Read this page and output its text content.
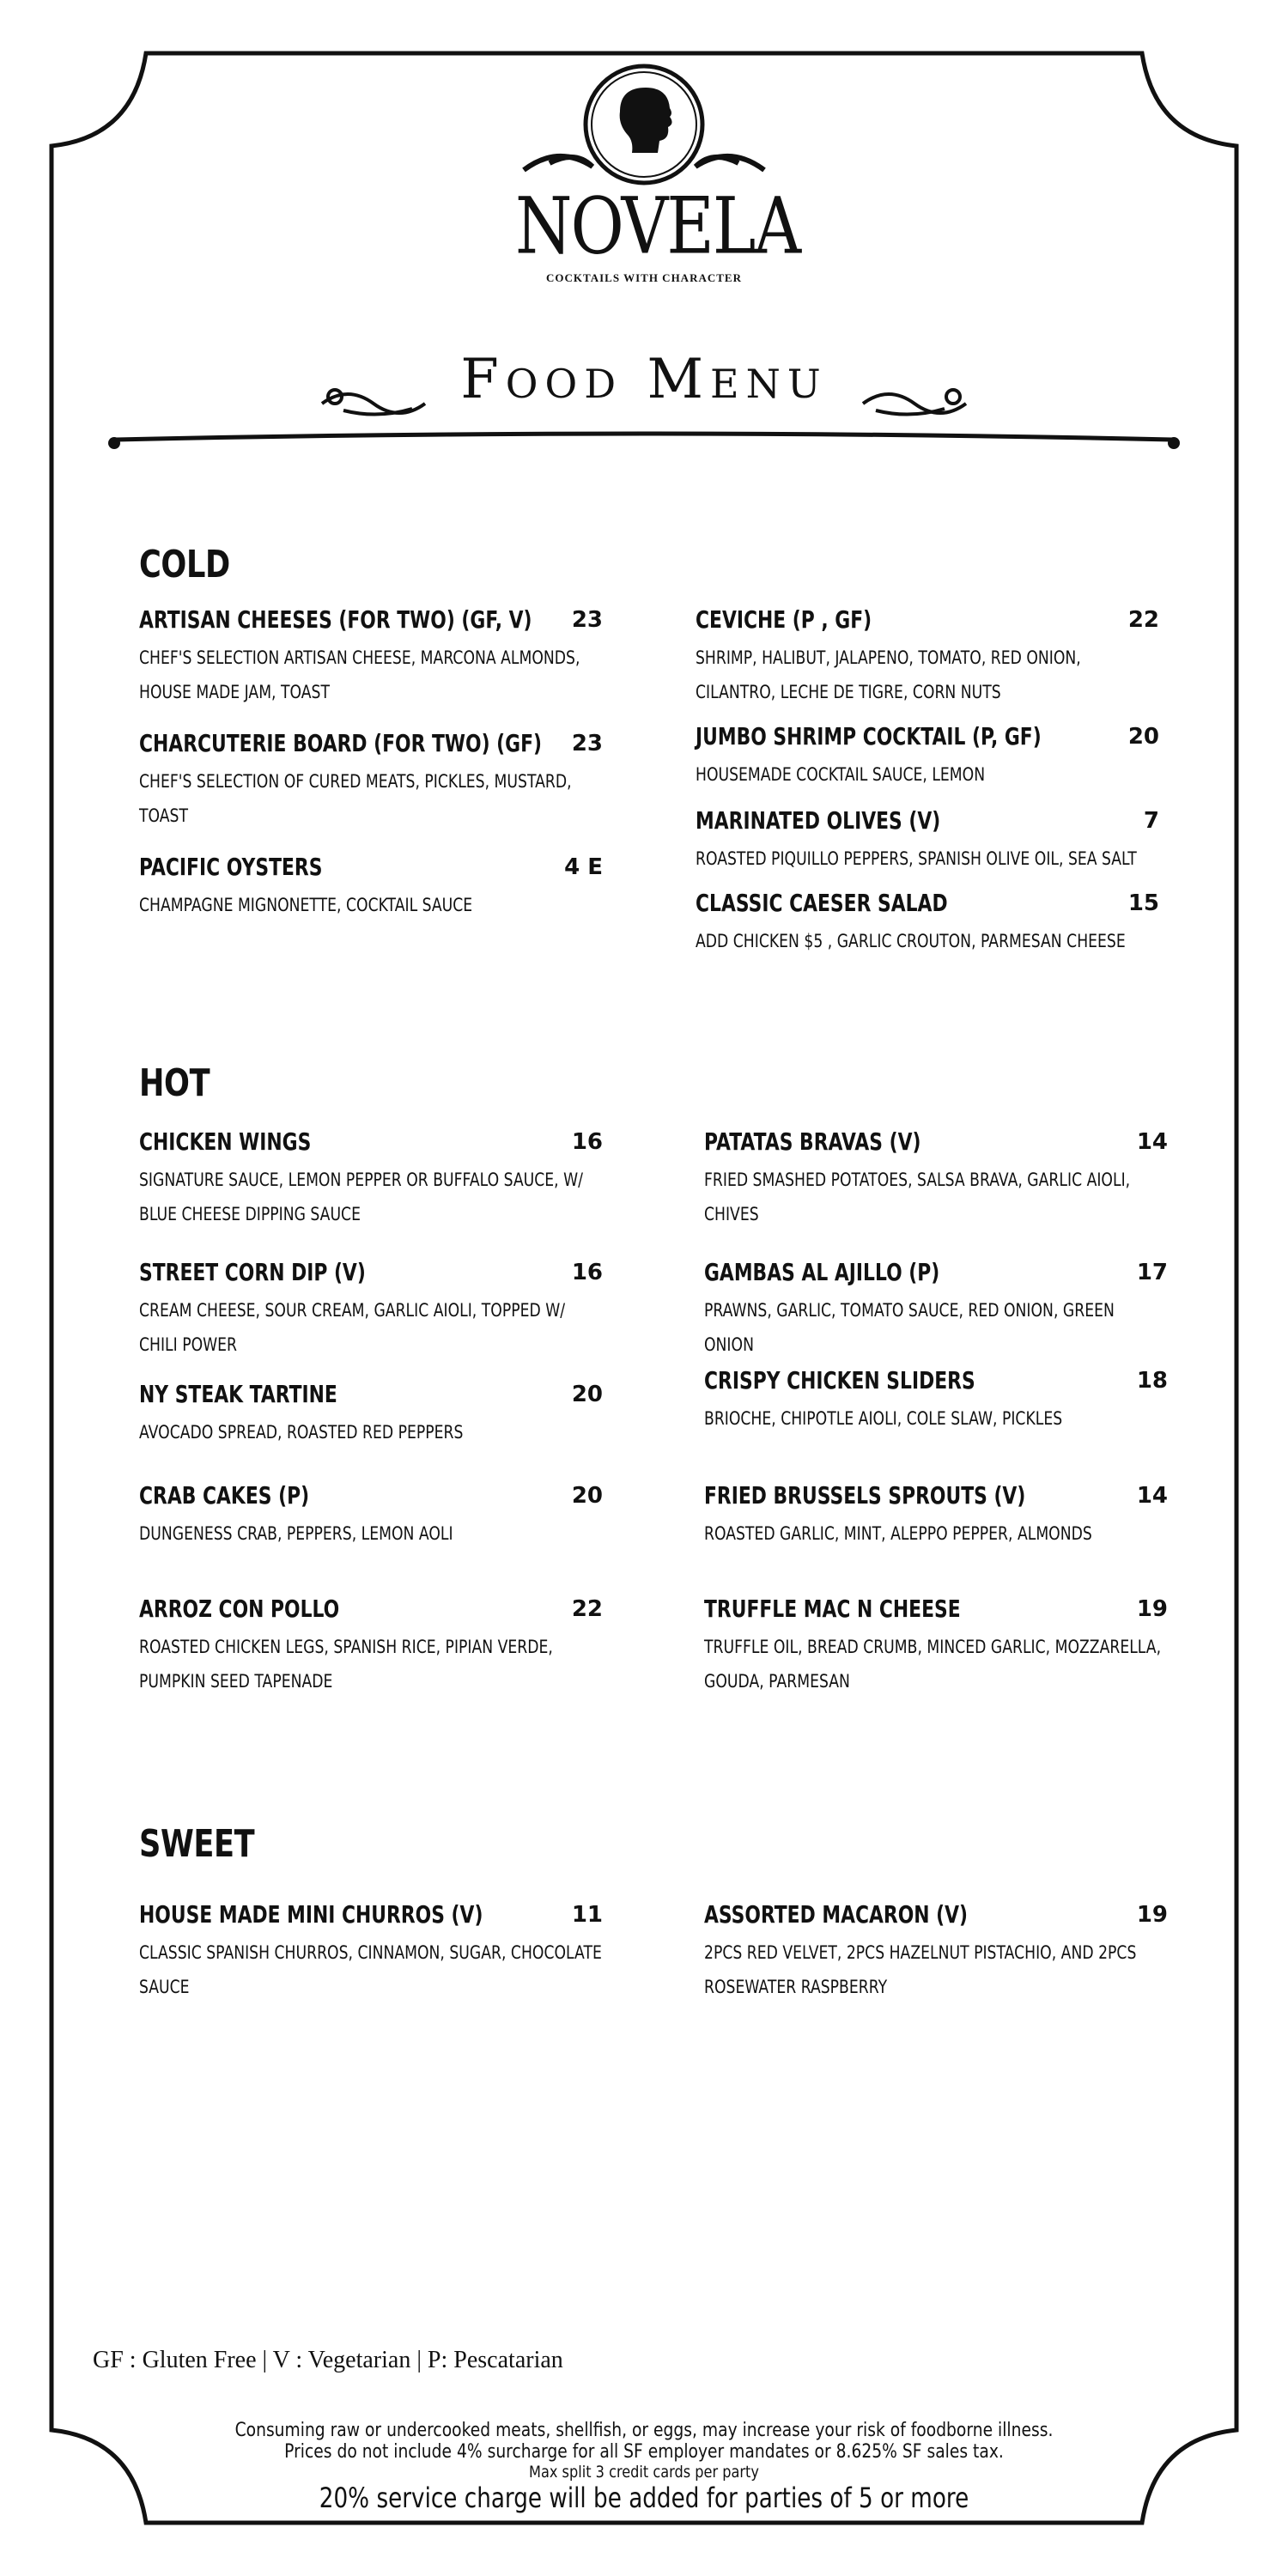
NOVELA
COCKTAILS WITH CHARACTER
FOOD MENU
COLD
ARTISAN CHEESES (FOR TWO) (GF, V) 23
CHEF'S SELECTION ARTISAN CHEESE, MARCONA ALMONDS, HOUSE MADE JAM, TOAST
CHARCUTERIE BOARD (FOR TWO) (GF) 23
CHEF'S SELECTION OF CURED MEATS, PICKLES, MUSTARD, TOAST
PACIFIC OYSTERS	4 E
CHAMPAGNE MIGNONETTE, COCKTAIL SAUCE
CEVICHE (P , GF)	22
SHRIMP, HALIBUT, JALAPENO, TOMATO, RED ONION, CILANTRO, LECHE DE TIGRE, CORN NUTS
JUMBO SHRIMP COCKTAIL (P, GF)	20
HOUSEMADE COCKTAIL SAUCE, LEMON
MARINATED OLIVES (V)	7
ROASTED PIQUILLO PEPPERS, SPANISH OLIVE OIL, SEA SALT
CLASSIC CAESER SALAD	15
ADD CHICKEN $5 , GARLIC CROUTON, PARMESAN CHEESE
HOT
CHICKEN WINGS	16
SIGNATURE SAUCE, LEMON PEPPER OR BUFFALO SAUCE, W/ BLUE CHEESE DIPPING SAUCE
STREET CORN DIP (V)	16
CREAM CHEESE, SOUR CREAM, GARLIC AIOLI, TOPPED W/ CHILI POWER
NY STEAK TARTINE	20
AVOCADO SPREAD, ROASTED RED PEPPERS
CRAB CAKES (P)	20
DUNGENESS CRAB, PEPPERS, LEMON AOLI
ARROZ CON POLLO	22
ROASTED CHICKEN LEGS, SPANISH RICE, PIPIAN VERDE, PUMPKIN SEED TAPENADE
PATATAS BRAVAS (V)	14
FRIED SMASHED POTATOES, SALSA BRAVA, GARLIC AIOLI, CHIVES
GAMBAS AL AJILLO (P)	17
PRAWNS, GARLIC, TOMATO SAUCE, RED ONION, GREEN ONION
CRISPY CHICKEN SLIDERS	18
BRIOCHE, CHIPOTLE AIOLI, COLE SLAW, PICKLES
FRIED BRUSSELS SPROUTS (V)	14
ROASTED GARLIC, MINT, ALEPPO PEPPER, ALMONDS
TRUFFLE MAC N CHEESE	19
TRUFFLE OIL, BREAD CRUMB, MINCED GARLIC, MOZZARELLA, GOUDA, PARMESAN
SWEET
HOUSE MADE MINI CHURROS (V)	11
CLASSIC SPANISH CHURROS, CINNAMON, SUGAR, CHOCOLATE SAUCE
ASSORTED MACARON (V)	19
2PCS RED VELVET, 2PCS HAZELNUT PISTACHIO, AND 2PCS ROSEWATER RASPBERRY
GF : Gluten Free | V : Vegetarian | P: Pescatarian
Consuming raw or undercooked meats, shellfish, or eggs, may increase your risk of foodborne illness.
Prices do not include 4% surcharge for all SF employer mandates or 8.625% SF sales tax.
Max split 3 credit cards per party
20% service charge will be added for parties of 5 or more
